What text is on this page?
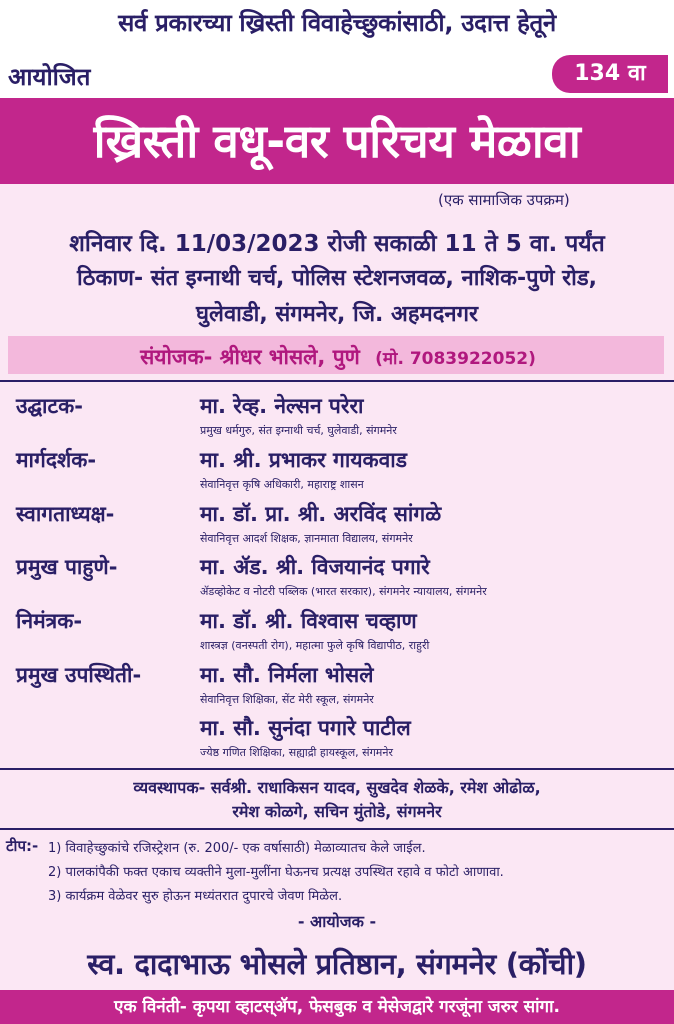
सर्व प्रकारच्या ख्रिस्ती विवाहेच्छुकांसाठी, उदात्त हेतूने
आयोजित	134 वा
ख्रिस्ती वधू-वर परिचय मेळावा
(एक सामाजिक उपक्रम)
शनिवार दि. 11/03/2023 रोजी सकाळी 11 ते 5 वा. पर्यंत
ठिकाण- संत इग्नाथी चर्च, पोलिस स्टेशनजवळ, नाशिक-पुणे रोड,
घुलेवाडी, संगमनेर, जि. अहमदनगर
संयोजक- श्रीधर भोसले, पुणे (मो. 7083922052)
उद्घाटक-	मा. रेव्ह. नेल्सन परेरा
प्रमुख धर्मगुरु, संत इग्नाथी चर्च, घुलेवाडी, संगमनेर
मार्गदर्शक-	मा. श्री. प्रभाकर गायकवाड
सेवानिवृत्त कृषि अधिकारी, महाराष्ट्र शासन
स्वागताध्यक्ष-	मा. डॉ. प्रा. श्री. अरविंद सांगळे
सेवानिवृत्त आदर्श शिक्षक, ज्ञानमाता विद्यालय, संगमनेर
प्रमुख पाहुणे-	मा. ॲड. श्री. विजयानंद पगारे
ॲडव्होकेट व नोटरी पब्लिक (भारत सरकार), संगमनेर न्यायालय, संगमनेर
निमंत्रक-	मा. डॉ. श्री. विश्वास चव्हाण
शास्त्रज्ञ (वनस्पती रोग), महात्मा फुले कृषि विद्यापीठ, राहुरी
प्रमुख उपस्थिती-	मा. सौ. निर्मला भोसले
सेवानिवृत्त शिक्षिका, सेंट मेरी स्कूल, संगमनेर
मा. सौ. सुनंदा पगारे पाटील
ज्येष्ठ गणित शिक्षिका, सह्याद्री हायस्कूल, संगमनेर
व्यवस्थापक- सर्वश्री. राधाकिसन यादव, सुखदेव शेळके, रमेश ओढोळ,
रमेश कोळगे, सचिन मुंतोडे, संगमनेर
टीप:- 1) विवाहेच्छुकांचे रजिस्ट्रेशन (रु. 200/- एक वर्षासाठी) मेळाव्यातच केले जाईल.
2) पालकांपैकी फक्त एकाच व्यक्तीने मुला-मुलींना घेऊनच प्रत्यक्ष उपस्थित रहावे व फोटो आणावा.
3) कार्यक्रम वेळेवर सुरु होऊन मध्यंतरात दुपारचे जेवण मिळेल.
- आयोजक -
स्व. दादाभाऊ भोसले प्रतिष्ठान, संगमनेर (कोंची)
एक विनंती- कृपया व्हाटस्ॲप, फेसबुक व मेसेजद्वारे गरजूंना जरुर सांगा.
